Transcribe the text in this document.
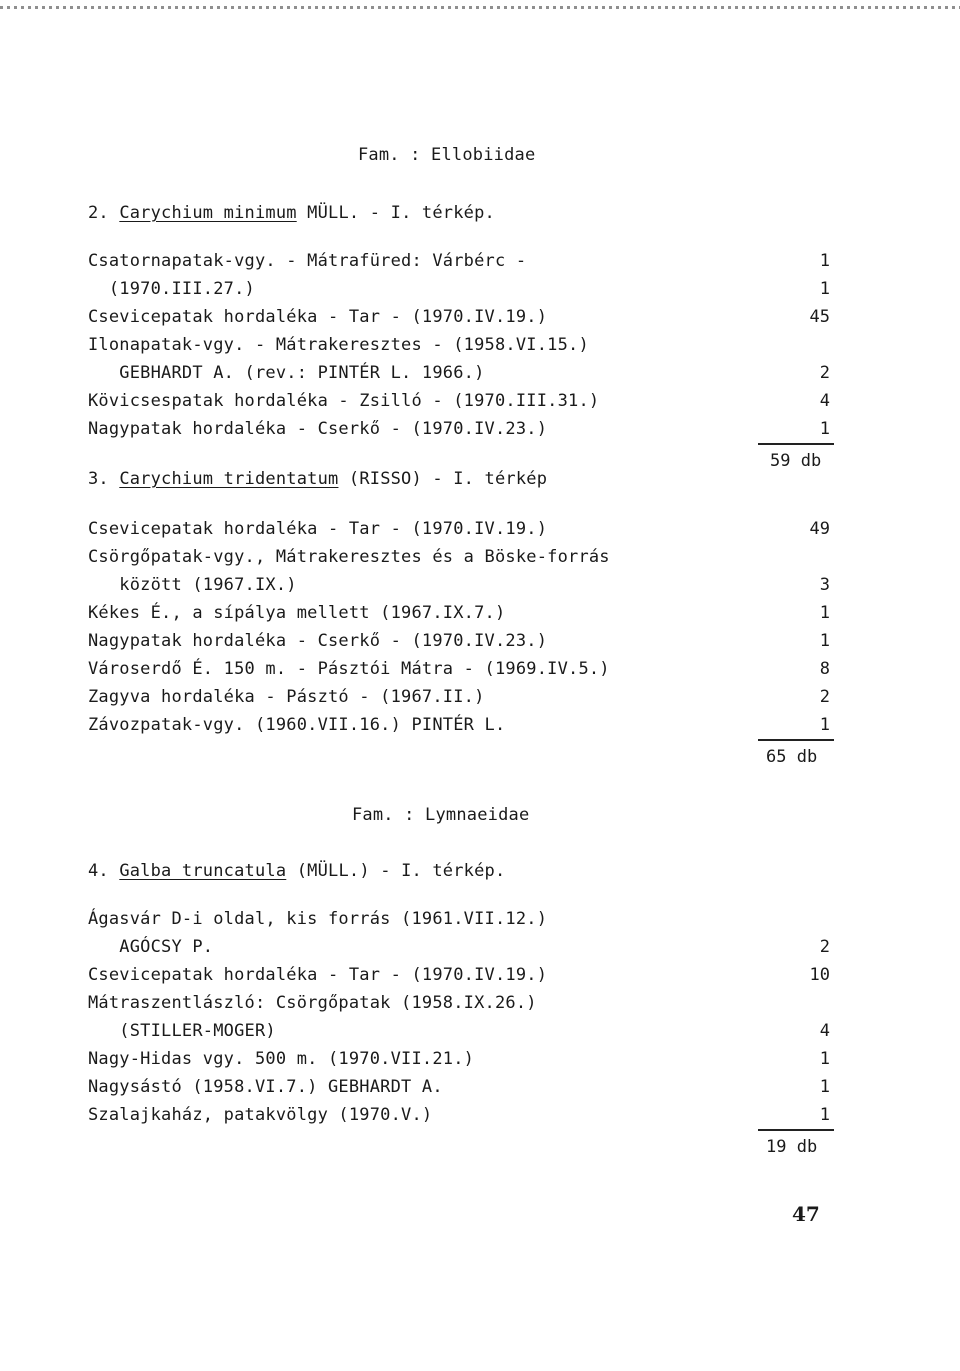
Fam. : Ellobiidae
2. Carychium minimum MÜLL. - I. térkép.
Csatornapatak-vgy. - Mátrafüred: Várbérc -	1
(1970.III.27.)	1
Csevicepatak hordaléka - Tar - (1970.IV.19.)	45
Ilonapatak-vgy. - Mátrakeresztes - (1958.VI.15.)
GEBHARDT A. (rev.: PINTÉR L. 1966.)	2
Kövicsespatak hordaléka - Zsilló - (1970.III.31.)	4
Nagypatak hordaléka - Cserkő - (1970.IV.23.)	1
59 db
3. Carychium tridentatum (RISSO) - I. térkép
Csevicepatak hordaléka - Tar - (1970.IV.19.)	49
Csörgőpatak-vgy., Mátrakeresztes és a Böske-forrás
között (1967.IX.)	3
Kékes É., a sípálya mellett (1967.IX.7.)	1
Nagypatak hordaléka - Cserkő - (1970.IV.23.)	1
Városerdő É. 150 m. - Pásztói Mátra - (1969.IV.5.)	8
Zagyva hordaléka - Pásztó - (1967.II.)	2
Závozpatak-vgy. (1960.VII.16.) PINTÉR L.	1
65 db
Fam. : Lymnaeidae
4. Galba truncatula (MÜLL.) - I. térkép.
Ágasvár D-i oldal, kis forrás (1961.VII.12.)
AGÓCSY P.	2
Csevicepatak hordaléka - Tar - (1970.IV.19.)	10
Mátraszentlászló: Csörgőpatak (1958.IX.26.)
(STILLER-MOGER)	4
Nagy-Hidas vgy. 500 m. (1970.VII.21.)	1
Nagysástó (1958.VI.7.) GEBHARDT A.	1
Szalajkaház, patakvölgy (1970.V.)	1
19 db
47
